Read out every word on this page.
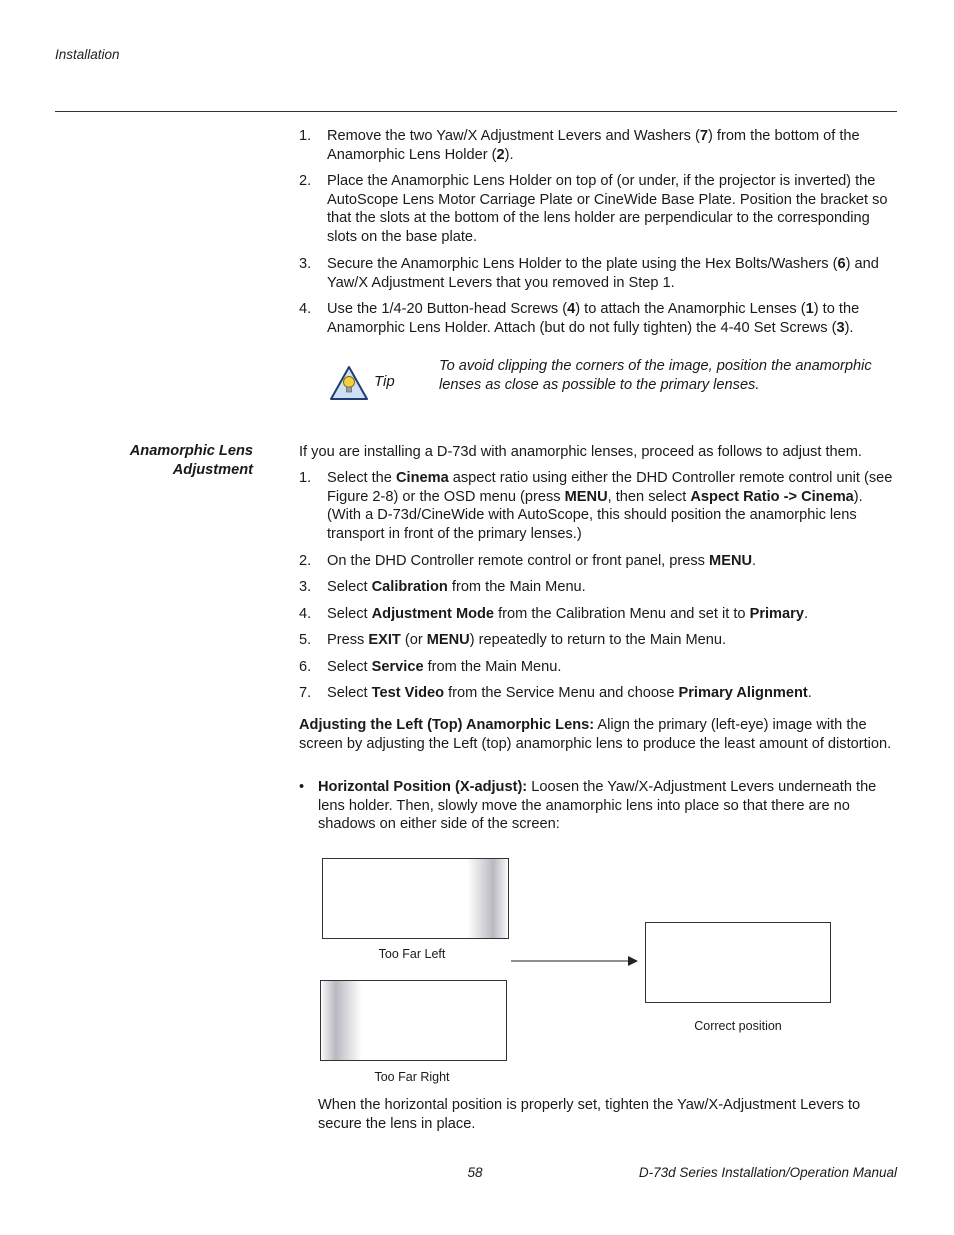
Installation
1.	Remove the two Yaw/X Adjustment Levers and Washers (7) from the bottom of the Anamorphic Lens Holder (2).
2.	Place the Anamorphic Lens Holder on top of (or under, if the projector is inverted) the AutoScope Lens Motor Carriage Plate or CineWide Base Plate. Position the bracket so that the slots at the bottom of the lens holder are perpendicular to the corresponding slots on the base plate.
3.	Secure the Anamorphic Lens Holder to the plate using the Hex Bolts/Washers (6) and Yaw/X Adjustment Levers that you removed in Step 1.
4.	Use the 1/4-20 Button-head Screws (4) to attach the Anamorphic Lenses (1) to the Anamorphic Lens Holder. Attach (but do not fully tighten) the 4-40 Set Screws (3).
Tip
To avoid clipping the corners of the image, position the anamorphic lenses as close as possible to the primary lenses.
Anamorphic Lens
Adjustment
If you are installing a D-73d with anamorphic lenses, proceed as follows to adjust them.
1.	Select the Cinema aspect ratio using either the DHD Controller remote control unit (see Figure 2-8) or the OSD menu (press MENU, then select Aspect Ratio -> Cinema). (With a D-73d/CineWide with AutoScope, this should position the anamorphic lens transport in front of the primary lenses.)
2.	On the DHD Controller remote control or front panel, press MENU.
3.	Select Calibration from the Main Menu.
4.	Select Adjustment Mode from the Calibration Menu and set it to Primary.
5.	Press EXIT (or MENU) repeatedly to return to the Main Menu.
6.	Select Service from the Main Menu.
7.	Select Test Video from the Service Menu and choose Primary Alignment.
Adjusting the Left (Top) Anamorphic Lens: Align the primary (left-eye) image with the screen by adjusting the Left (top) anamorphic lens to produce the least amount of distortion.
• Horizontal Position (X-adjust): Loosen the Yaw/X-Adjustment Levers underneath the lens holder. Then, slowly move the anamorphic lens into place so that there are no shadows on either side of the screen:
Too Far Left
Too Far Right
Correct position
When the horizontal position is properly set, tighten the Yaw/X-Adjustment Levers to secure the lens in place.
58	D-73d Series Installation/Operation Manual
